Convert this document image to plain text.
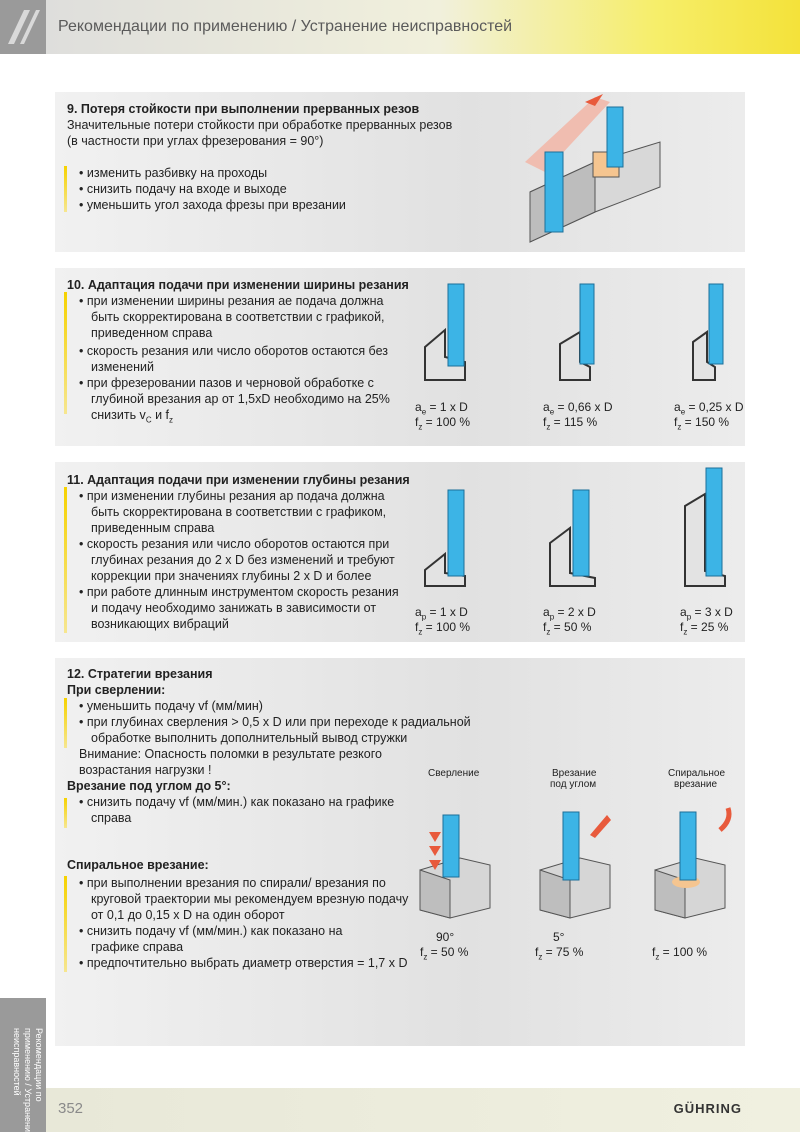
Рекомендации по применению / Устранение неисправностей
9. Потеря стойкости при выполнении прерванных резов
Значительные потери стойкости при обработке прерванных резов
(в частности при углах фрезерования = 90°)
• изменить разбивку на проходы
• снизить подачу на входе и выходе
• уменьшить угол захода фрезы при врезании
10. Адаптация подачи при изменении ширины резания
• при изменении ширины резания ae подача должна
быть скорректирована в соответствии с графикой,
приведенном справа
• скорость резания или число оборотов остаются без
изменений
• при фрезеровании пазов и черновой обработке с
глубиной врезания ap от 1,5xD необходимо на 25%
снизить $v_C$ и $f_z$
$a_e = 1$ x D
$f_z = 100$ %
$a_e = 0,66$ x D
$f_z = 115$ %
$a_e = 0,25$ x D
$f_z = 150$ %
11. Адаптация подачи при изменении глубины резания
• при изменении глубины резания ap подача должна
быть скорректирована в соответствии с графиком,
приведенным справа
• скорость резания или число оборотов остаются при
глубинах резания до 2 x D без изменений и требуют
коррекции при значениях глубины 2 x D и более
• при работе длинным инструментом скорость резания
и подачу необходимо занижать в зависимости от
возникающих вибраций
$a_p = 1$ x D
$f_z = 100$ %
$a_p = 2$ x D
$f_z = 50$ %
$a_p = 3$ x D
$f_z = 25$ %
12. Стратегии врезания
При сверлении:
• уменьшить подачу vf (мм/мин)
• при глубинах сверления > 0,5 x D или при переходе к радиальной
обработке выполнить дополнительный вывод стружки
Внимание: Опасность поломки в результате резкого
возрастания нагрузки !
Врезание под углом до 5°:
• снизить подачу vf (мм/мин.) как показано на графике
справа
Спиральное врезание:
• при выполнении врезания по спирали/ врезания по
круговой траектории мы рекомендуем врезную подачу
от 0,1 до 0,15 x D на один оборот
• снизить подачу vf (мм/мин.) как показано на
графике справа
• предпочтительно выбрать диаметр отверстия = 1,7 x D
Сверление	Врезание
под углом
Спиральное
врезание
90°
$f_z = 50$ %
5°
$f_z = 75$ %	$f_z = 100$ %
Рекомендации по применению / Устранение неисправностей
352	GÜHRING
